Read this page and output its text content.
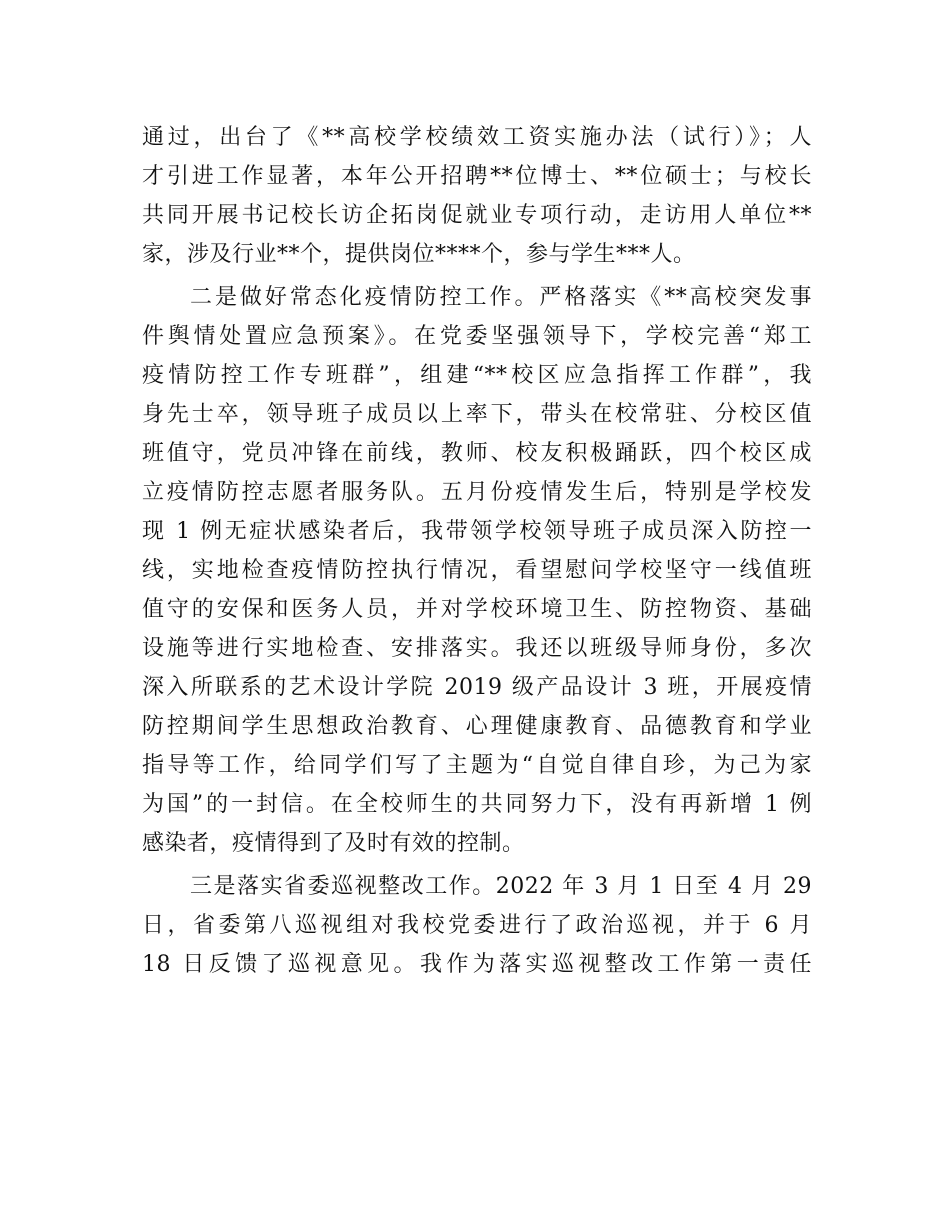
通过，出台了《**高校学校绩效工资实施办法（试行）》；人
才引进工作显著，本年公开招聘**位博士、**位硕士；与校长
共同开展书记校长访企拓岗促就业专项行动，走访用人单位**
家，涉及行业**个，提供岗位****个，参与学生***人。
二是做好常态化疫情防控工作。严格落实《**高校突发事
件舆情处置应急预案》。在党委坚强领导下，学校完善“郑工
疫情防控工作专班群”，组建“**校区应急指挥工作群”，我
身先士卒，领导班子成员以上率下，带头在校常驻、分校区值
班值守，党员冲锋在前线，教师、校友积极踊跃，四个校区成
立疫情防控志愿者服务队。五月份疫情发生后，特别是学校发
现 1 例无症状感染者后，我带领学校领导班子成员深入防控一
线，实地检查疫情防控执行情况，看望慰问学校坚守一线值班
值守的安保和医务人员，并对学校环境卫生、防控物资、基础
设施等进行实地检查、安排落实。我还以班级导师身份，多次
深入所联系的艺术设计学院 2019 级产品设计 3 班，开展疫情
防控期间学生思想政治教育、心理健康教育、品德教育和学业
指导等工作，给同学们写了主题为“自觉自律自珍，为己为家
为国”的一封信。在全校师生的共同努力下，没有再新增 1 例
感染者，疫情得到了及时有效的控制。
三是落实省委巡视整改工作。2022 年 3 月 1 日至 4 月 29
日，省委第八巡视组对我校党委进行了政治巡视，并于 6 月
18 日反馈了巡视意见。我作为落实巡视整改工作第一责任
